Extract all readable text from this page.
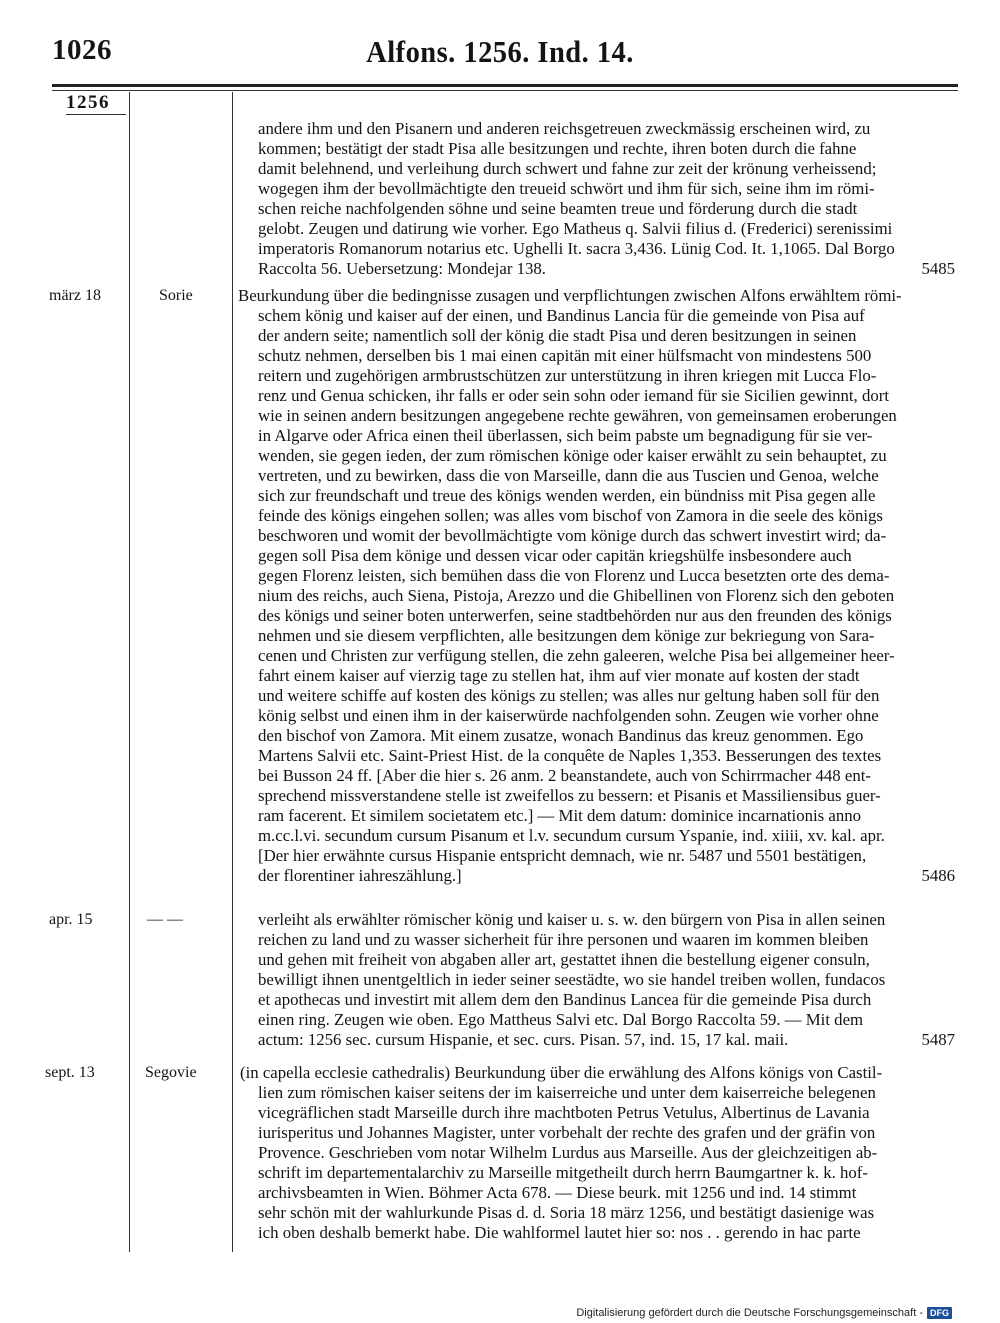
1026	Alfons. 1256. Ind. 14.
1256
andere ihm und den Pisanern und anderen reichsgetreuen zweckmässig erscheinen wird, zu
kommen; bestätigt der stadt Pisa alle besitzungen und rechte, ihren boten durch die fahne
damit belehnend, und verleihung durch schwert und fahne zur zeit der krönung verheissend;
wogegen ihm der bevollmächtigte den treueid schwört und ihm für sich, seine ihm im römi-
schen reiche nachfolgenden söhne und seine beamten treue und förderung durch die stadt
gelobt. Zeugen und datirung wie vorher. Ego Matheus q. Salvii filius d. (Frederici) serenissimi
imperatoris Romanorum notarius etc. Ughelli It. sacra 3,436. Lünig Cod. It. 1,1065. Dal Borgo
Raccolta 56. Uebersetzung: Mondejar 138.	5485
märz 18	Sorie	Beurkundung über die bedingnisse zusagen und verpflichtungen zwischen Alfons erwähltem römi-
schem könig und kaiser auf der einen, und Bandinus Lancia für die gemeinde von Pisa auf
der andern seite; namentlich soll der könig die stadt Pisa und deren besitzungen in seinen
schutz nehmen, derselben bis 1 mai einen capitän mit einer hülfsmacht von mindestens 500
reitern und zugehörigen armbrustschützen zur unterstützung in ihren kriegen mit Lucca Flo-
renz und Genua schicken, ihr falls er oder sein sohn oder iemand für sie Sicilien gewinnt, dort
wie in seinen andern besitzungen angegebene rechte gewähren, von gemeinsamen eroberungen
in Algarve oder Africa einen theil überlassen, sich beim pabste um begnadigung für sie ver-
wenden, sie gegen ieden, der zum römischen könige oder kaiser erwählt zu sein behauptet, zu
vertreten, und zu bewirken, dass die von Marseille, dann die aus Tuscien und Genoa, welche
sich zur freundschaft und treue des königs wenden werden, ein bündniss mit Pisa gegen alle
feinde des königs eingehen sollen; was alles vom bischof von Zamora in die seele des königs
beschworen und womit der bevollmächtigte vom könige durch das schwert investirt wird; da-
gegen soll Pisa dem könige und dessen vicar oder capitän kriegshülfe insbesondere auch
gegen Florenz leisten, sich bemühen dass die von Florenz und Lucca besetzten orte des dema-
nium des reichs, auch Siena, Pistoja, Arezzo und die Ghibellinen von Florenz sich den geboten
des königs und seiner boten unterwerfen, seine stadtbehörden nur aus den freunden des königs
nehmen und sie diesem verpflichten, alle besitzungen dem könige zur bekriegung von Sara-
cenen und Christen zur verfügung stellen, die zehn galeeren, welche Pisa bei allgemeiner heer-
fahrt einem kaiser auf vierzig tage zu stellen hat, ihm auf vier monate auf kosten der stadt
und weitere schiffe auf kosten des königs zu stellen; was alles nur geltung haben soll für den
könig selbst und einen ihm in der kaiserwürde nachfolgenden sohn. Zeugen wie vorher ohne
den bischof von Zamora. Mit einem zusatze, wonach Bandinus das kreuz genommen. Ego
Martens Salvii etc. Saint-Priest Hist. de la conquête de Naples 1,353. Besserungen des textes
bei Busson 24 ff. [Aber die hier s. 26 anm. 2 beanstandete, auch von Schirrmacher 448 ent-
sprechend missverstandene stelle ist zweifellos zu bessern: et Pisanis et Massiliensibus guer-
ram facerent. Et similem societatem etc.] — Mit dem datum: dominice incarnationis anno
m.cc.l.vi. secundum cursum Pisanum et l.v. secundum cursum Yspanie, ind. xiiii, xv. kal. apr.
[Der hier erwähnte cursus Hispanie entspricht demnach, wie nr. 5487 und 5501 bestätigen,
der florentiner iahreszählung.]	5486
apr. 15	— —	verleiht als erwählter römischer könig und kaiser u. s. w. den bürgern von Pisa in allen seinen
reichen zu land und zu wasser sicherheit für ihre personen und waaren im kommen bleiben
und gehen mit freiheit von abgaben aller art, gestattet ihnen die bestellung eigener consuln,
bewilligt ihnen unentgeltlich in ieder seiner seestädte, wo sie handel treiben wollen, fundacos
et apothecas und investirt mit allem dem den Bandinus Lancea für die gemeinde Pisa durch
einen ring. Zeugen wie oben. Ego Mattheus Salvi etc. Dal Borgo Raccolta 59. — Mit dem
actum: 1256 sec. cursum Hispanie, et sec. curs. Pisan. 57, ind. 15, 17 kal. maii.	5487
sept. 13	Segovie	(in capella ecclesie cathedralis) Beurkundung über die erwählung des Alfons königs von Castil-
lien zum römischen kaiser seitens der im kaiserreiche und unter dem kaiserreiche belegenen
vicegräflichen stadt Marseille durch ihre machtboten Petrus Vetulus, Albertinus de Lavania
iurisperitus und Johannes Magister, unter vorbehalt der rechte des grafen und der gräfin von
Provence. Geschrieben vom notar Wilhelm Lurdus aus Marseille. Aus der gleichzeitigen ab-
schrift im departementalarchiv zu Marseille mitgetheilt durch herrn Baumgartner k. k. hof-
archivsbeamten in Wien. Böhmer Acta 678. — Diese beurk. mit 1256 und ind. 14 stimmt
sehr schön mit der wahlurkunde Pisas d. d. Soria 18 märz 1256, und bestätigt dasienige was
ich oben deshalb bemerkt habe. Die wahlformel lautet hier so: nos . . gerendo in hac parte
Digitalisierung gefördert durch die Deutsche Forschungsgemeinschaft - DFG
